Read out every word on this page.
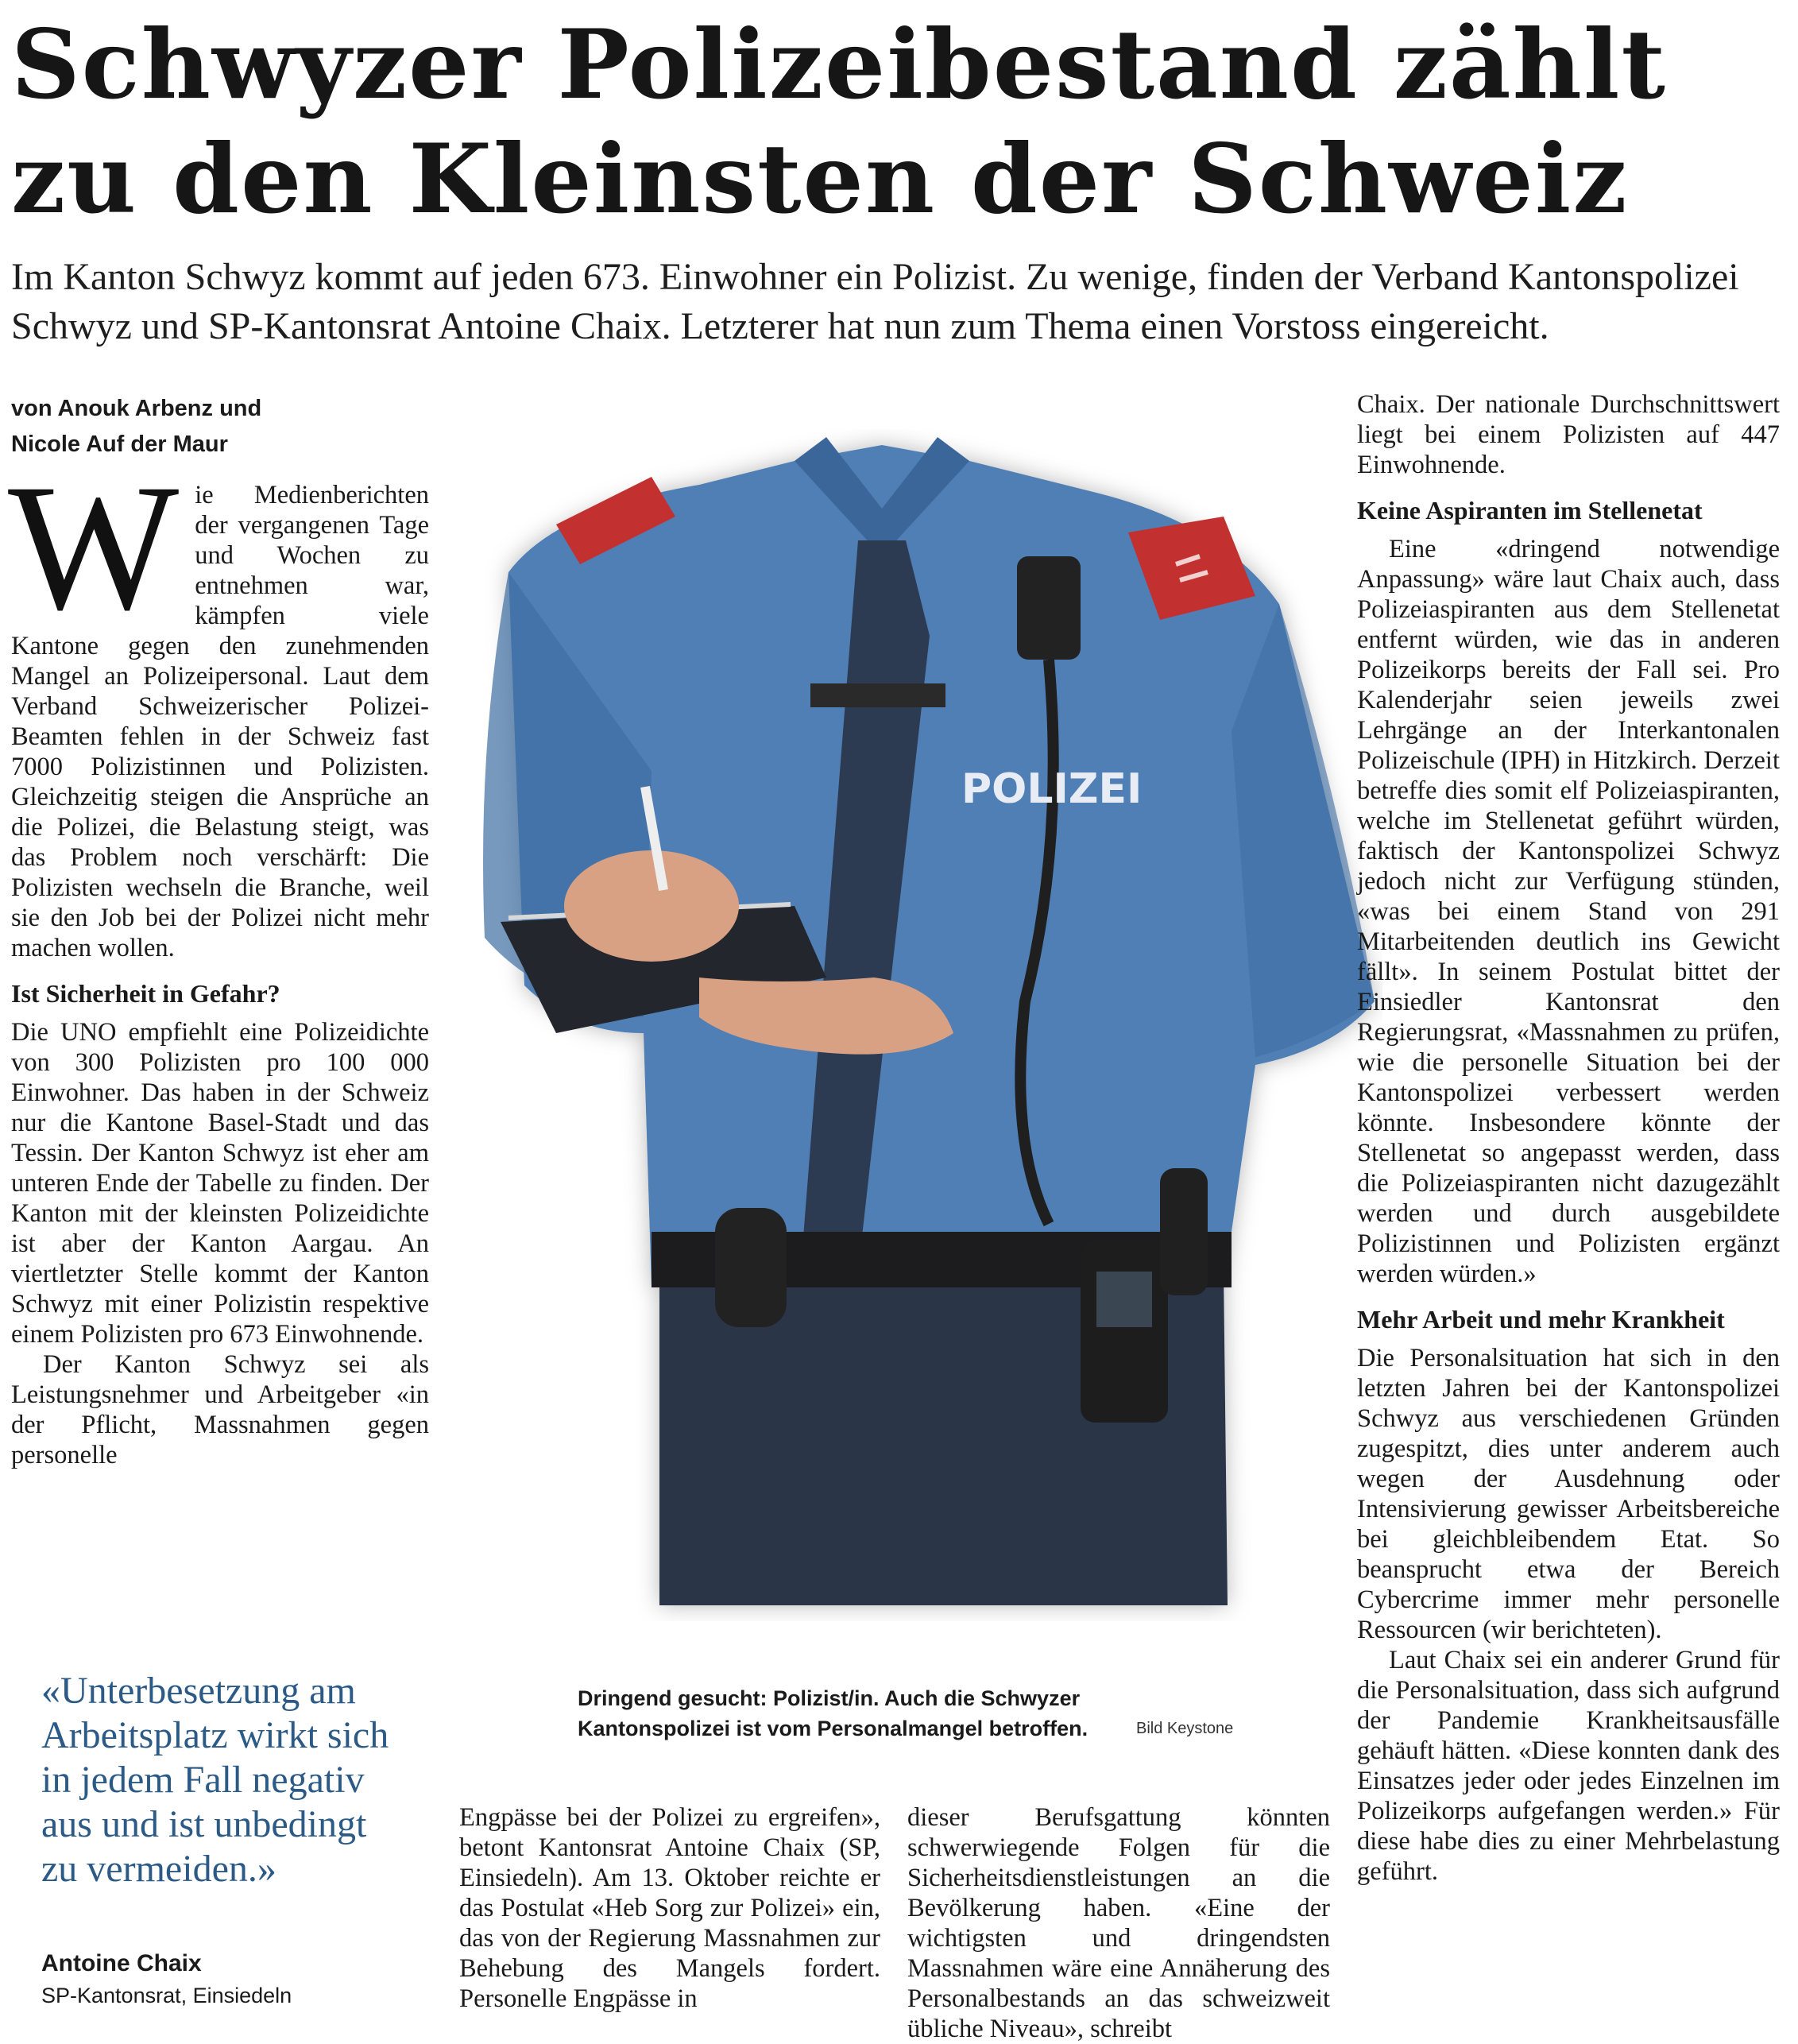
Schwyzer Polizeibestand zählt zu den Kleinsten der Schweiz

Im Kanton Schwyz kommt auf jeden 673. Einwohner ein Polizist. Zu wenige, finden der Verband Kantonspolizei Schwyz und SP-Kantonsrat Antoine Chaix. Letzterer hat nun zum Thema einen Vorstoss eingereicht.

von Anouk Arbenz und
Nicole Auf der Maur

Wie Medienberichten der vergangenen Tage und Wochen zu entnehmen war, kämpfen viele Kantone gegen den zunehmenden Mangel an Polizeipersonal. Laut dem Verband Schweizerischer Polizei-Beamten fehlen in der Schweiz fast 7000 Polizistinnen und Polizisten. Gleichzeitig steigen die Ansprüche an die Polizei, die Belastung steigt, was das Problem noch verschärft: Die Polizisten wechseln die Branche, weil sie den Job bei der Polizei nicht mehr machen wollen.

Ist Sicherheit in Gefahr?

Die UNO empfiehlt eine Polizeidichte von 300 Polizisten pro 100 000 Einwohner. Das haben in der Schweiz nur die Kantone Basel-Stadt und das Tessin. Der Kanton Schwyz ist eher am unteren Ende der Tabelle zu finden. Der Kanton mit der kleinsten Polizeidichte ist aber der Kanton Aargau. An viertletzter Stelle kommt der Kanton Schwyz mit einer Polizistin respektive einem Polizisten pro 673 Einwohnende.

Der Kanton Schwyz sei als Leistungsnehmer und Arbeitgeber «in der Pflicht, Massnahmen gegen personelle

POLIZEI
Dringend gesucht: Polizist/in. Auch die Schwyzer Kantonspolizei ist vom Personalmangel betroffen.	Bild Keystone
«Unterbesetzung am Arbeitsplatz wirkt sich in jedem Fall negativ aus und ist unbedingt zu vermeiden.»
Antoine Chaix
SP-Kantonsrat, Einsiedeln

Engpässe bei der Polizei zu ergreifen», betont Kantonsrat Antoine Chaix (SP, Einsiedeln). Am 13. Oktober reichte er das Postulat «Heb Sorg zur Polizei» ein, das von der Regierung Massnahmen zur Behebung des Mangels fordert. Personelle Engpässe in

dieser Berufsgattung könnten schwerwiegende Folgen für die Sicherheitsdienstleistungen an die Bevölkerung haben. «Eine der wichtigsten und dringendsten Massnahmen wäre eine Annäherung des Personalbestands an das schweizweit übliche Niveau», schreibt

Chaix. Der nationale Durchschnittswert liegt bei einem Polizisten auf 447 Einwohnende.

Keine Aspiranten im Stellenetat

Eine «dringend notwendige Anpassung» wäre laut Chaix auch, dass Polizeiaspiranten aus dem Stellenetat entfernt würden, wie das in anderen Polizeikorps bereits der Fall sei. Pro Kalenderjahr seien jeweils zwei Lehrgänge an der Interkantonalen Polizeischule (IPH) in Hitzkirch. Derzeit betreffe dies somit elf Polizeiaspiranten, welche im Stellenetat geführt würden, faktisch der Kantonspolizei Schwyz jedoch nicht zur Verfügung stünden, «was bei einem Stand von 291 Mitarbeitenden deutlich ins Gewicht fällt». In seinem Postulat bittet der Einsiedler Kantonsrat den Regierungsrat, «Massnahmen zu prüfen, wie die personelle Situation bei der Kantonspolizei verbessert werden könnte. Insbesondere könnte der Stellenetat so angepasst werden, dass die Polizeiaspiranten nicht dazugezählt werden und durch ausgebildete Polizistinnen und Polizisten ergänzt werden würden.»

Mehr Arbeit und mehr Krankheit

Die Personalsituation hat sich in den letzten Jahren bei der Kantonspolizei Schwyz aus verschiedenen Gründen zugespitzt, dies unter anderem auch wegen der Ausdehnung oder Intensivierung gewisser Arbeitsbereiche bei gleichbleibendem Etat. So beansprucht etwa der Bereich Cybercrime immer mehr personelle Ressourcen (wir berichteten).

Laut Chaix sei ein anderer Grund für die Personalsituation, dass sich aufgrund der Pandemie Krankheitsausfälle gehäuft hätten. «Diese konnten dank des Einsatzes jeder oder jedes Einzelnen im Polizeikorps aufgefangen werden.» Für diese habe dies zu einer Mehrbelastung geführt.
